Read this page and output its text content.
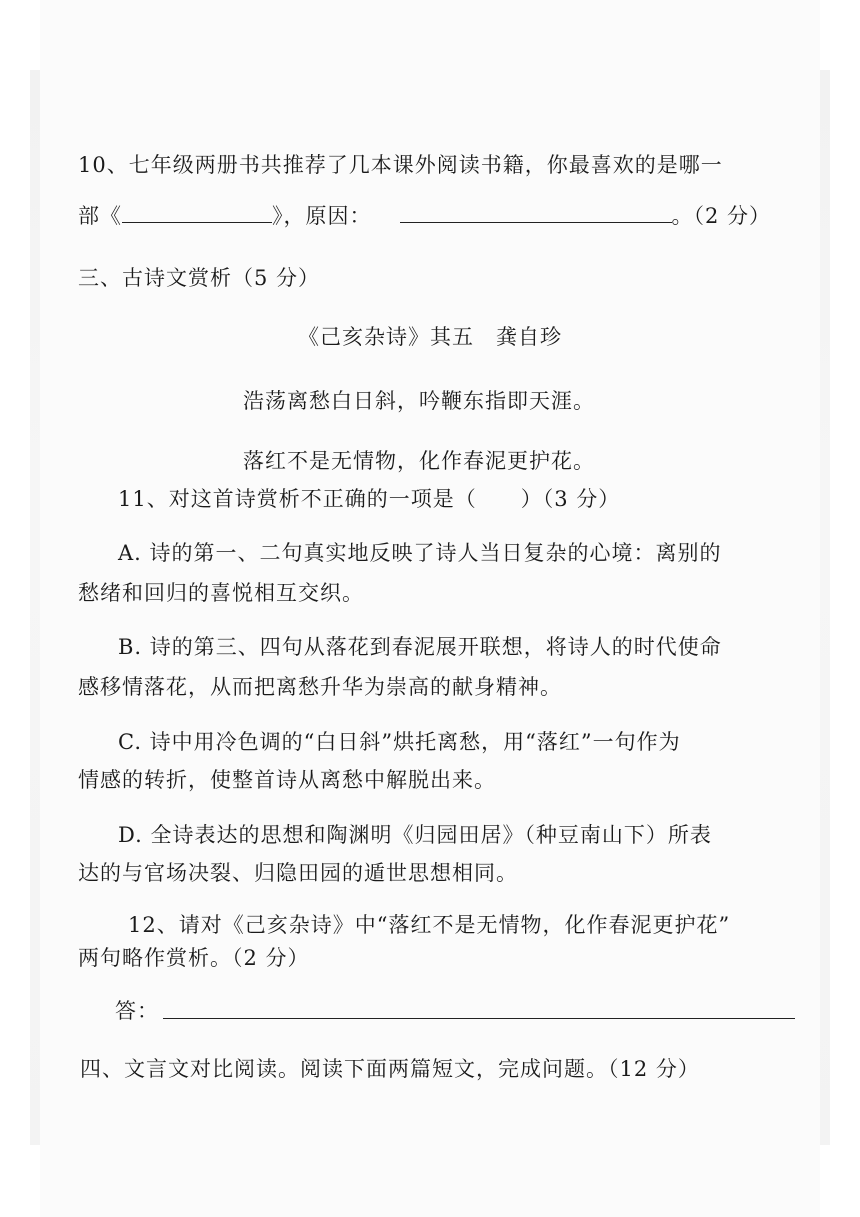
10、七年级两册书共推荐了几本课外阅读书籍，你最喜欢的是哪一
部《	》，原因：	。（2 分）
三、古诗文赏析（5 分）
《己亥杂诗》其五　龚自珍
浩荡离愁白日斜，吟鞭东指即天涯。
落红不是无情物，化作春泥更护花。
11、对这首诗赏析不正确的一项是（　　）（3 分）
A. 诗的第一、二句真实地反映了诗人当日复杂的心境：离别的
愁绪和回归的喜悦相互交织。
B. 诗的第三、四句从落花到春泥展开联想，将诗人的时代使命
感移情落花，从而把离愁升华为崇高的献身精神。
C. 诗中用冷色调的“白日斜”烘托离愁，用“落红”一句作为
情感的转折，使整首诗从离愁中解脱出来。
D. 全诗表达的思想和陶渊明《归园田居》（种豆南山下）所表
达的与官场决裂、归隐田园的遁世思想相同。
12、请对《己亥杂诗》中“落红不是无情物，化作春泥更护花”
两句略作赏析。（2 分）
答：
四、文言文对比阅读。阅读下面两篇短文，完成问题。（12 分）
